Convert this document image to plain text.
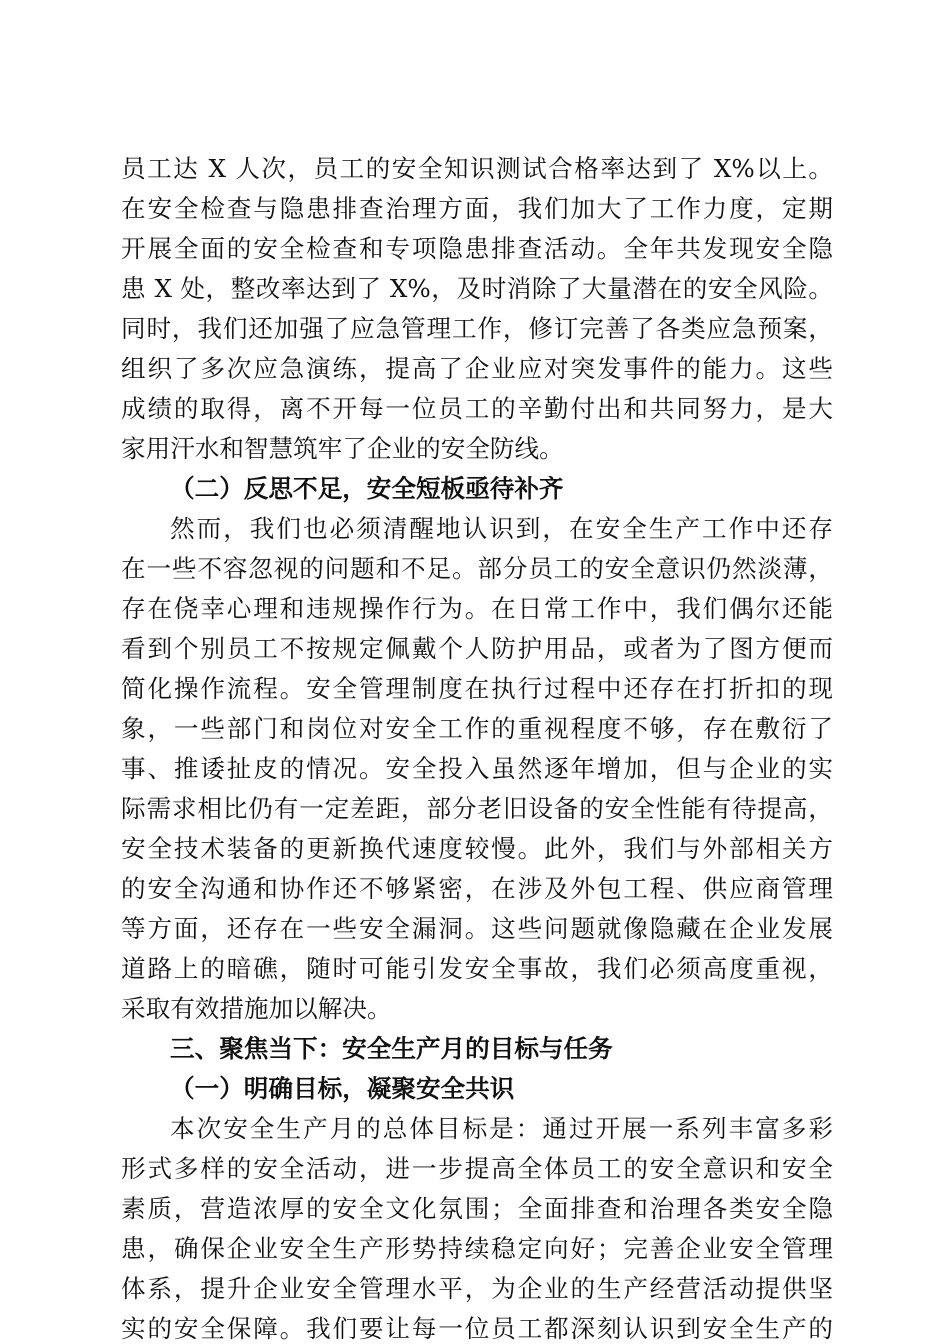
员工达 X 人次，员工的安全知识测试合格率达到了 X%以上。
在安全检查与隐患排查治理方面，我们加大了工作力度，定期
开展全面的安全检查和专项隐患排查活动。全年共发现安全隐
患 X 处，整改率达到了 X%，及时消除了大量潜在的安全风险。
同时，我们还加强了应急管理工作，修订完善了各类应急预案，
组织了多次应急演练，提高了企业应对突发事件的能力。这些
成绩的取得，离不开每一位员工的辛勤付出和共同努力，是大
家用汗水和智慧筑牢了企业的安全防线。
（二）反思不足，安全短板亟待补齐
然而，我们也必须清醒地认识到，在安全生产工作中还存
在一些不容忽视的问题和不足。部分员工的安全意识仍然淡薄，
存在侥幸心理和违规操作行为。在日常工作中，我们偶尔还能
看到个别员工不按规定佩戴个人防护用品，或者为了图方便而
简化操作流程。安全管理制度在执行过程中还存在打折扣的现
象，一些部门和岗位对安全工作的重视程度不够，存在敷衍了
事、推诿扯皮的情况。安全投入虽然逐年增加，但与企业的实
际需求相比仍有一定差距，部分老旧设备的安全性能有待提高，
安全技术装备的更新换代速度较慢。此外，我们与外部相关方
的安全沟通和协作还不够紧密，在涉及外包工程、供应商管理
等方面，还存在一些安全漏洞。这些问题就像隐藏在企业发展
道路上的暗礁，随时可能引发安全事故，我们必须高度重视，
采取有效措施加以解决。
三、聚焦当下：安全生产月的目标与任务
（一）明确目标，凝聚安全共识
本次安全生产月的总体目标是：通过开展一系列丰富多彩
形式多样的安全活动，进一步提高全体员工的安全意识和安全
素质，营造浓厚的安全文化氛围；全面排查和治理各类安全隐
患，确保企业安全生产形势持续稳定向好；完善企业安全管理
体系，提升企业安全管理水平，为企业的生产经营活动提供坚
实的安全保障。我们要让每一位员工都深刻认识到安全生产的
